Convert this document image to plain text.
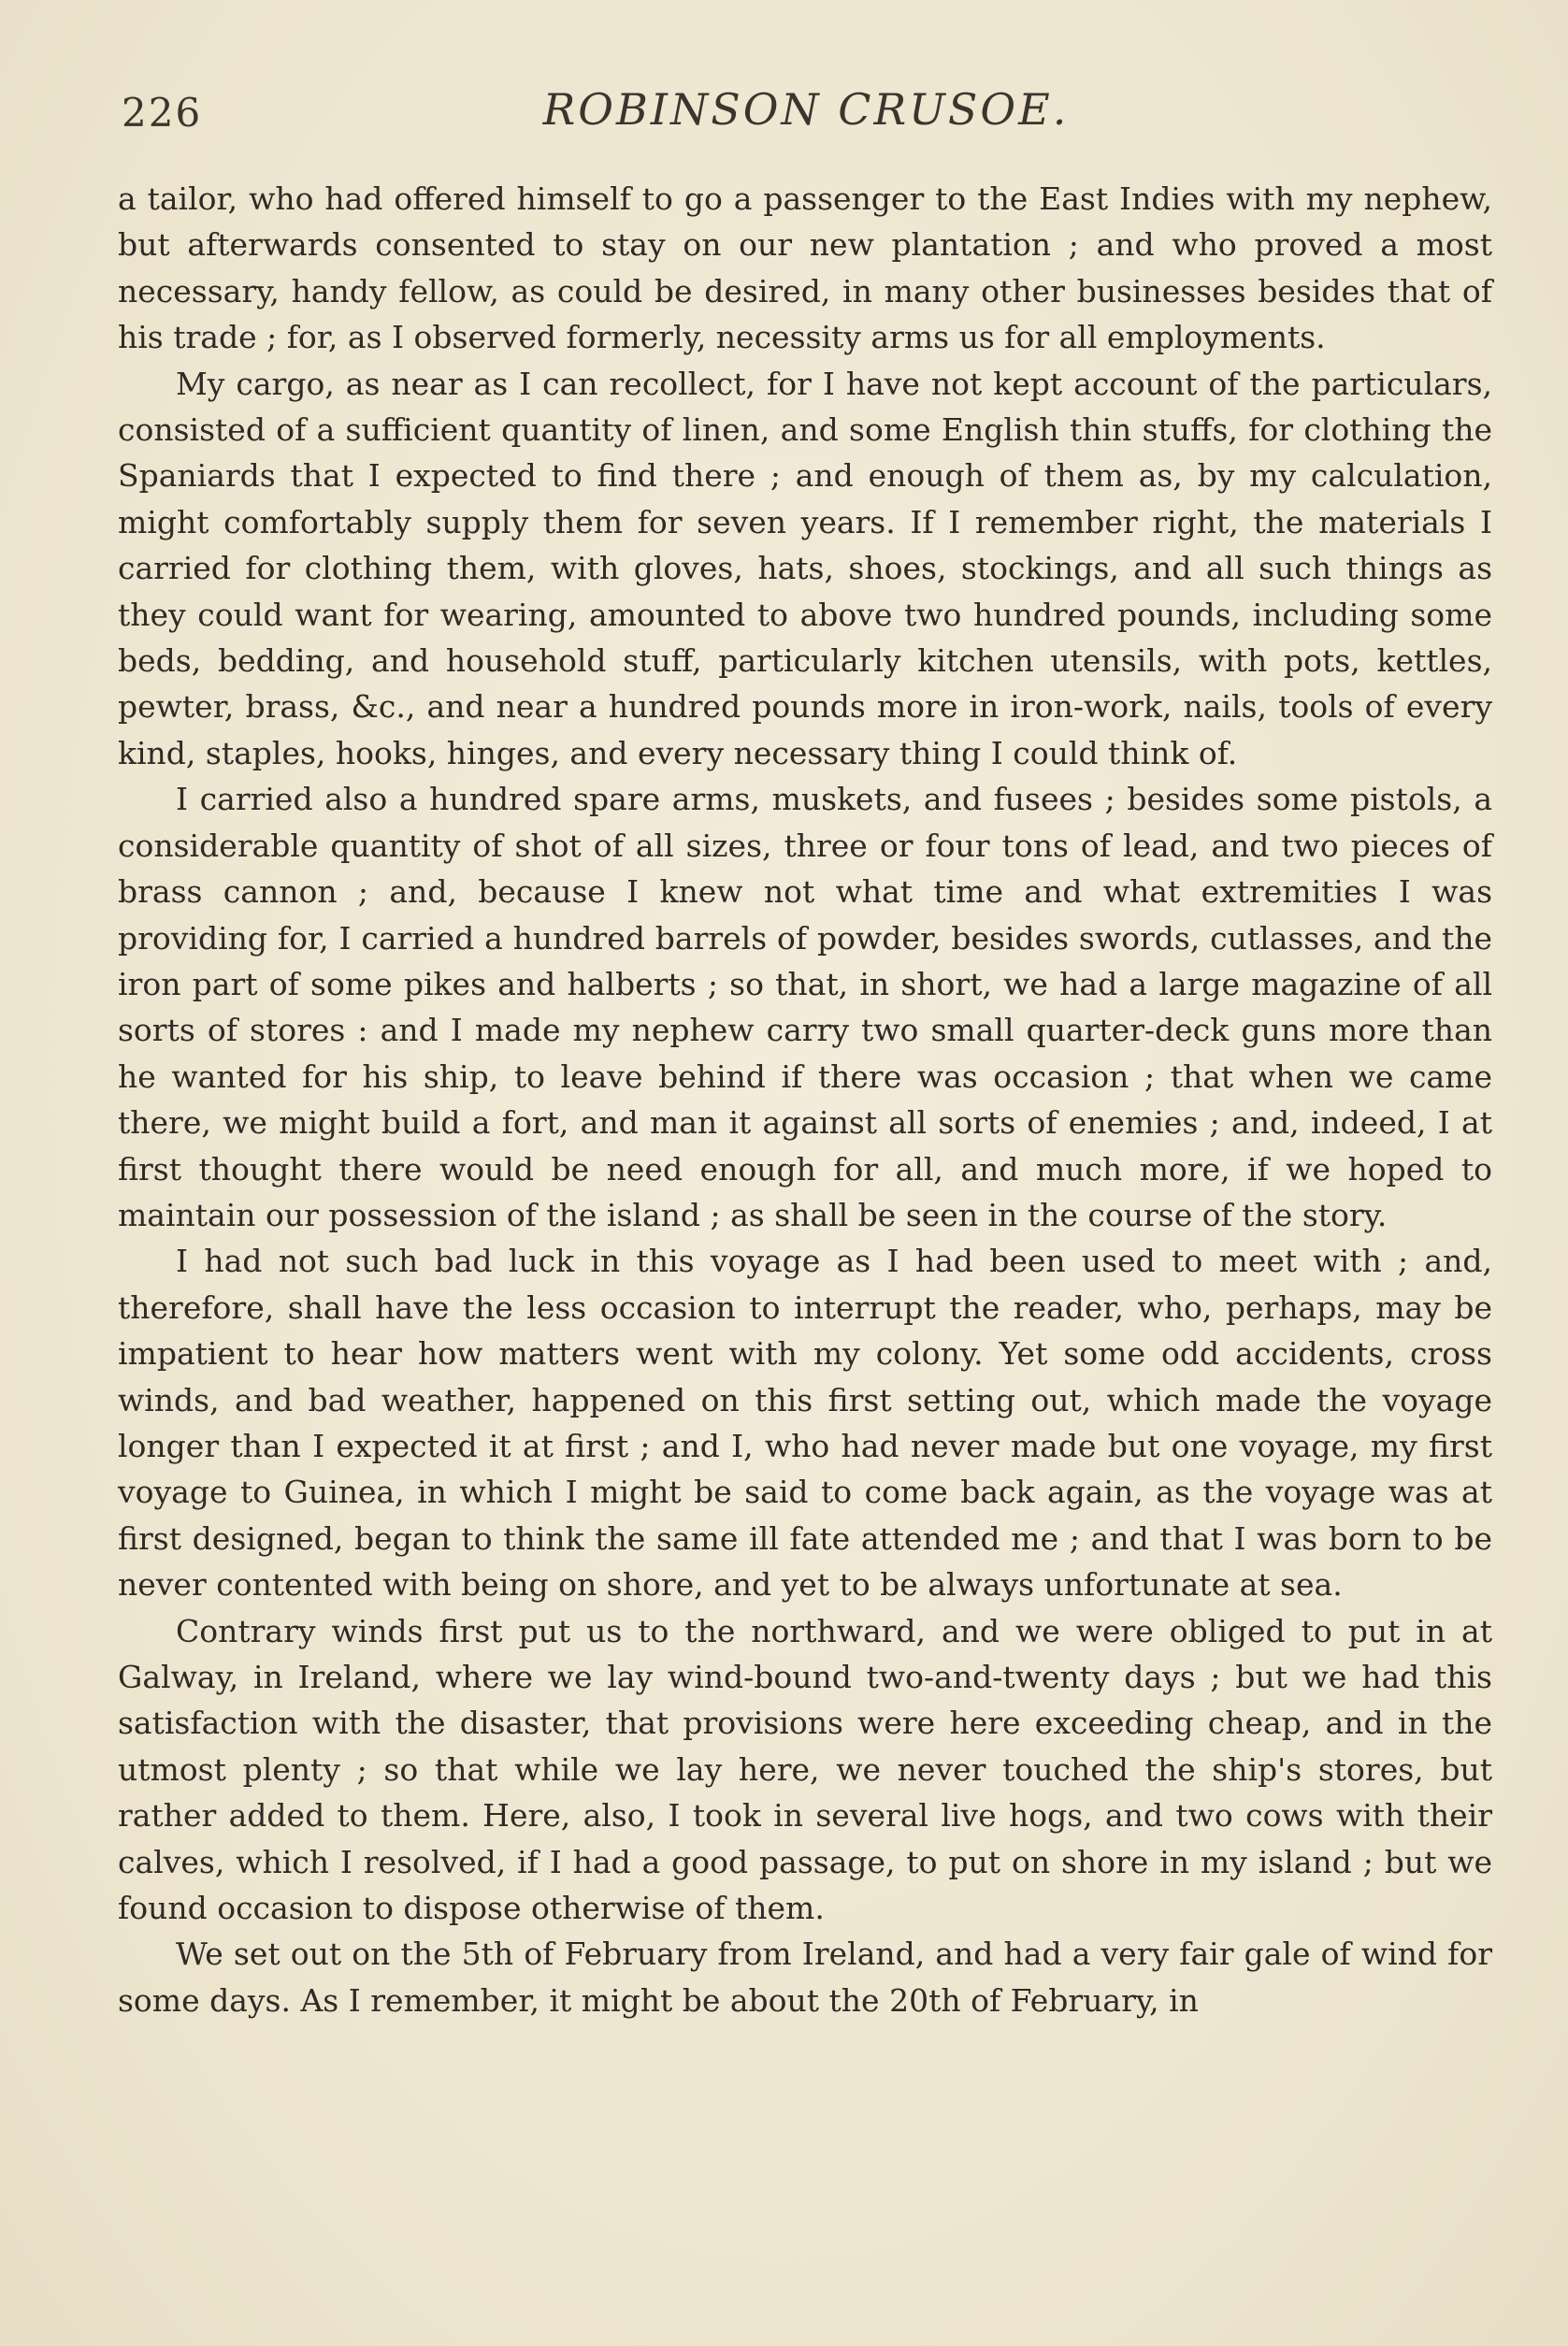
226	ROBINSON CRUSOE.

a tailor, who had offered himself to go a passenger to the East Indies with my nephew, but afterwards consented to stay on our new plantation ; and who proved a most necessary, handy fellow, as could be desired, in many other businesses besides that of his trade ; for, as I observed formerly, necessity arms us for all employments.

My cargo, as near as I can recollect, for I have not kept account of the particulars, consisted of a sufficient quantity of linen, and some English thin stuffs, for clothing the Spaniards that I expected to find there ; and enough of them as, by my calculation, might comfortably supply them for seven years. If I remember right, the materials I carried for clothing them, with gloves, hats, shoes, stockings, and all such things as they could want for wearing, amounted to above two hundred pounds, including some beds, bedding, and household stuff, particularly kitchen utensils, with pots, kettles, pewter, brass, &c., and near a hundred pounds more in iron-work, nails, tools of every kind, staples, hooks, hinges, and every necessary thing I could think of.

I carried also a hundred spare arms, muskets, and fusees ; besides some pistols, a considerable quantity of shot of all sizes, three or four tons of lead, and two pieces of brass cannon ; and, because I knew not what time and what extremities I was providing for, I carried a hundred barrels of powder, besides swords, cutlasses, and the iron part of some pikes and halberts ; so that, in short, we had a large magazine of all sorts of stores : and I made my nephew carry two small quarter-deck guns more than he wanted for his ship, to leave behind if there was occasion ; that when we came there, we might build a fort, and man it against all sorts of enemies ; and, indeed, I at first thought there would be need enough for all, and much more, if we hoped to maintain our possession of the island ; as shall be seen in the course of the story.

I had not such bad luck in this voyage as I had been used to meet with ; and, therefore, shall have the less occasion to interrupt the reader, who, perhaps, may be impatient to hear how matters went with my colony. Yet some odd accidents, cross winds, and bad weather, happened on this first setting out, which made the voyage longer than I expected it at first ; and I, who had never made but one voyage, my first voyage to Guinea, in which I might be said to come back again, as the voyage was at first designed, began to think the same ill fate attended me ; and that I was born to be never contented with being on shore, and yet to be always unfortunate at sea.

Contrary winds first put us to the northward, and we were obliged to put in at Galway, in Ireland, where we lay wind-bound two-and-twenty days ; but we had this satisfaction with the disaster, that provisions were here exceeding cheap, and in the utmost plenty ; so that while we lay here, we never touched the ship's stores, but rather added to them. Here, also, I took in several live hogs, and two cows with their calves, which I resolved, if I had a good passage, to put on shore in my island ; but we found occasion to dispose otherwise of them.

We set out on the 5th of February from Ireland, and had a very fair gale of wind for some days. As I remember, it might be about the 20th of February, in
